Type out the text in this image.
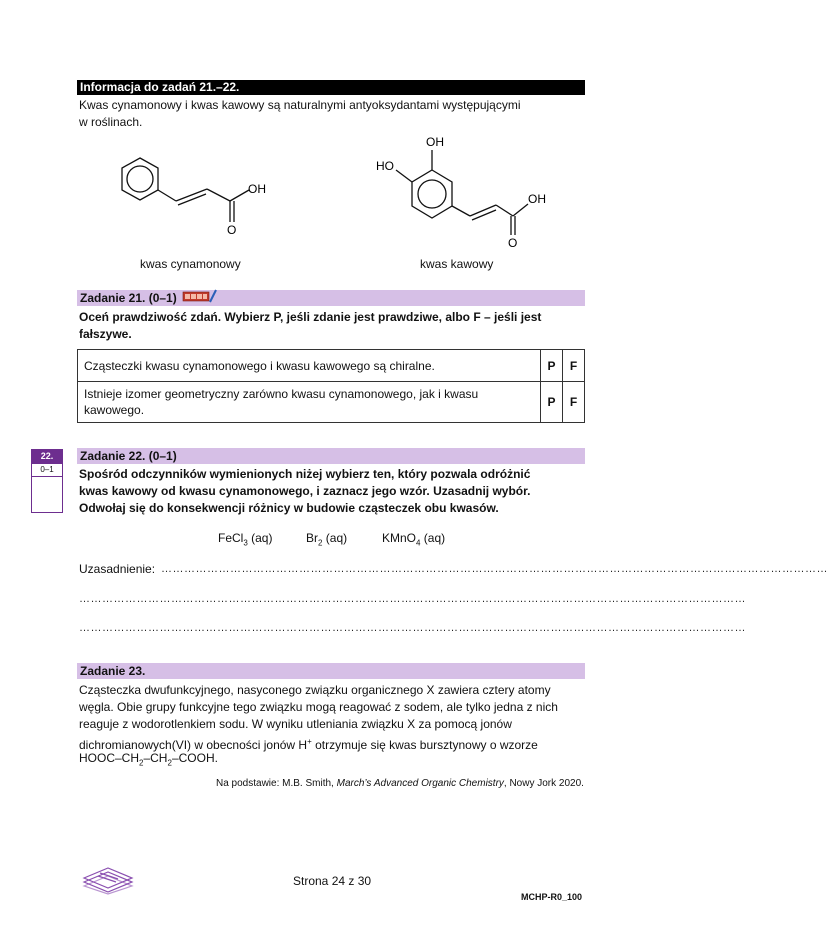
Informacja do zadań 21.–22.
Kwas cynamonowy i kwas kawowy są naturalnymi antyoksydantami występującymi
w roślinach.
OH
O
kwas cynamonowy
OH
HO
OH
O
kwas kawowy
Zadanie 21. (0–1)
Oceń prawdziwość zdań. Wybierz P, jeśli zdanie jest prawdziwe, albo F – jeśli jest
fałszywe.
Cząsteczki kwasu cynamonowego i kwasu kawowego są chiralne.	P	F
Istnieje izomer geometryczny zarówno kwasu cynamonowego, jak i kwasu kawowego.	P	F
22.
0–1
Zadanie 22. (0–1)
Spośród odczynników wymienionych niżej wybierz ten, który pozwala odróżnić
kwas kawowy od kwasu cynamonowego, i zaznacz jego wzór. Uzasadnij wybór.
Odwołaj się do konsekwencji różnicy w budowie cząsteczek obu kwasów.
FeCl$_3$ (aq)	$Br_2$ (aq)	KMnO$_4$ (aq)
Uzasadnienie: …………………………………………………………………………………………………………………………………………………………
…………………………………………………………………………………………………………………………………………………………
…………………………………………………………………………………………………………………………………………………………
Zadanie 23.
Cząsteczka dwufunkcyjnego, nasyconego związku organicznego X zawiera cztery atomy
węgla. Obie grupy funkcyjne tego związku mogą reagować z sodem, ale tylko jedna z nich
reaguje z wodorotlenkiem sodu. W wyniku utleniania związku X za pomocą jonów
dichromianowych(VI) w obecności jonów H+ otrzymuje się kwas bursztynowy o wzorze
HOOC–$CH_2-CH_2$–COOH.
Na podstawie: M.B. Smith, March’s Advanced Organic Chemistry, Nowy Jork 2020.
Strona 24 z 30
MCHP-R0_100
